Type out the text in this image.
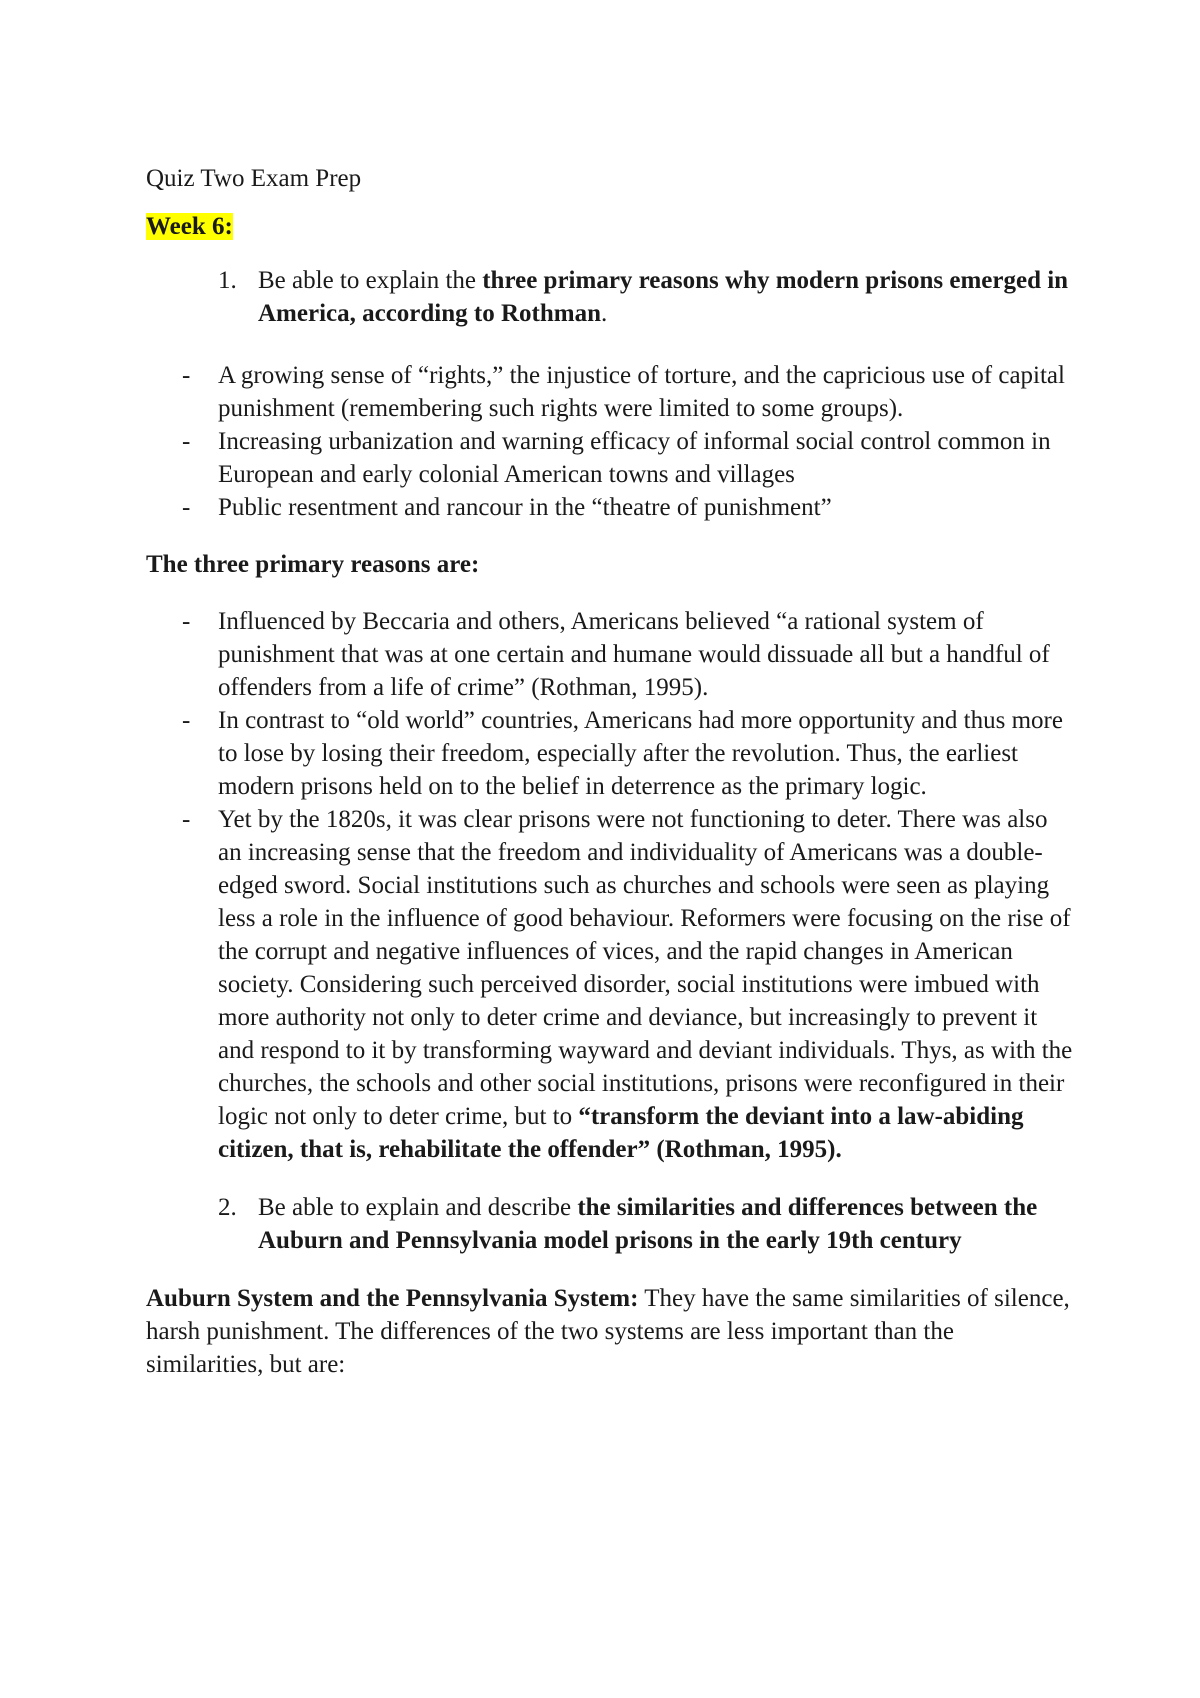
Quiz Two Exam Prep

Week 6:

1. Be able to explain the three primary reasons why modern prisons emerged in America, according to Rothman.
- A growing sense of “rights,” the injustice of torture, and the capricious use of capital punishment (remembering such rights were limited to some groups).
- Increasing urbanization and warning efficacy of informal social control common in European and early colonial American towns and villages
- Public resentment and rancour in the “theatre of punishment”

The three primary reasons are:

- Influenced by Beccaria and others, Americans believed “a rational system of punishment that was at one certain and humane would dissuade all but a handful of offenders from a life of crime” (Rothman, 1995).
- In contrast to “old world” countries, Americans had more opportunity and thus more to lose by losing their freedom, especially after the revolution. Thus, the earliest modern prisons held on to the belief in deterrence as the primary logic.
- Yet by the 1820s, it was clear prisons were not functioning to deter. There was also an increasing sense that the freedom and individuality of Americans was a double-edged sword. Social institutions such as churches and schools were seen as playing less a role in the influence of good behaviour. Reformers were focusing on the rise of the corrupt and negative influences of vices, and the rapid changes in American society. Considering such perceived disorder, social institutions were imbued with more authority not only to deter crime and deviance, but increasingly to prevent it and respond to it by transforming wayward and deviant individuals. Thys, as with the churches, the schools and other social institutions, prisons were reconfigured in their logic not only to deter crime, but to “transform the deviant into a law-abiding citizen, that is, rehabilitate the offender” (Rothman, 1995).
2. Be able to explain and describe the similarities and differences between the Auburn and Pennsylvania model prisons in the early 19th century

Auburn System and the Pennsylvania System: They have the same similarities of silence, harsh punishment. The differences of the two systems are less important than the similarities, but are:
